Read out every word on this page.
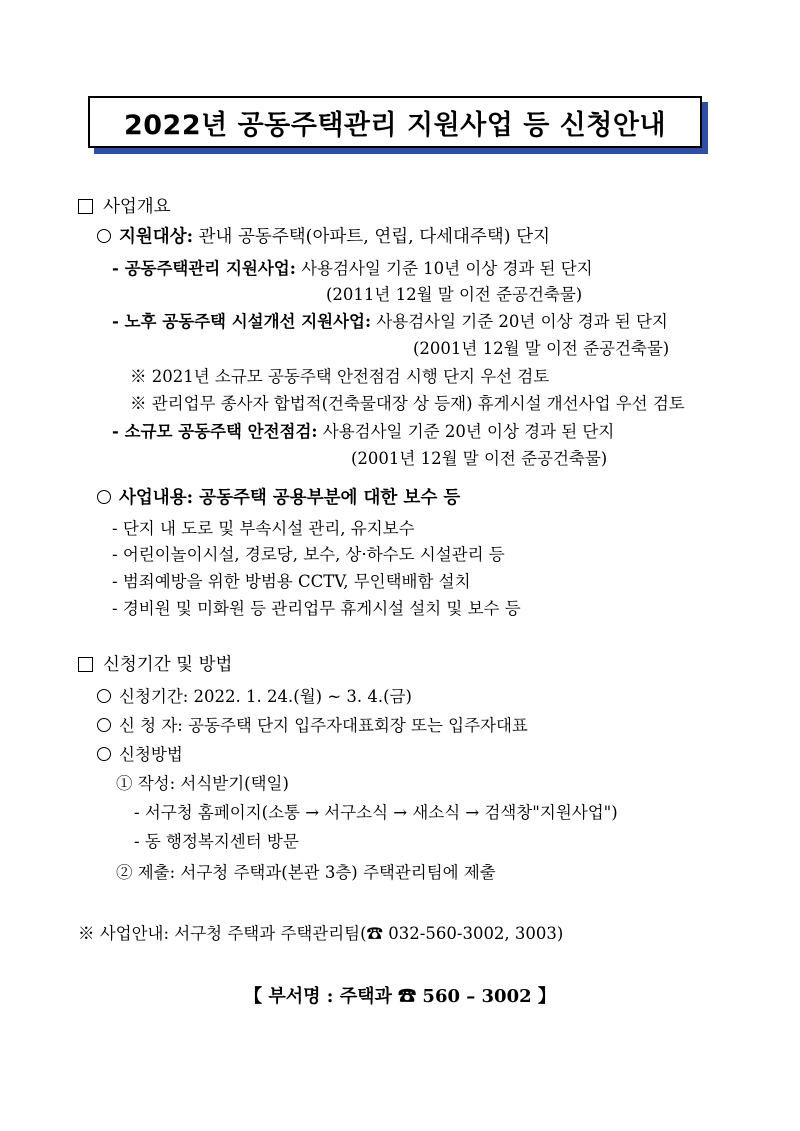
2022년 공동주택관리 지원사업 등 신청안내
사업개요
지원대상: 관내 공동주택(아파트, 연립, 다세대주택) 단지
- 공동주택관리 지원사업: 사용검사일 기준 10년 이상 경과 된 단지
(2011년 12월 말 이전 준공건축물)
- 노후 공동주택 시설개선 지원사업: 사용검사일 기준 20년 이상 경과 된 단지
(2001년 12월 말 이전 준공건축물)
※ 2021년 소규모 공동주택 안전점검 시행 단지 우선 검토
※ 관리업무 종사자 합법적(건축물대장 상 등재) 휴게시설 개선사업 우선 검토
- 소규모 공동주택 안전점검: 사용검사일 기준 20년 이상 경과 된 단지
(2001년 12월 말 이전 준공건축물)
사업내용: 공동주택 공용부분에 대한 보수 등
- 단지 내 도로 및 부속시설 관리, 유지보수
- 어린이놀이시설, 경로당, 보수, 상·하수도 시설관리 등
- 범죄예방을 위한 방범용 CCTV, 무인택배함 설치
- 경비원 및 미화원 등 관리업무 휴게시설 설치 및 보수 등
신청기간 및 방법
신청기간: 2022. 1. 24.(월) ~ 3. 4.(금)
신 청 자: 공동주택 단지 입주자대표회장 또는 입주자대표
신청방법
① 작성: 서식받기(택일)
- 서구청 홈페이지(소통 → 서구소식 → 새소식 → 검색창"지원사업")
- 동 행정복지센터 방문
② 제출: 서구청 주택과(본관 3층) 주택관리팀에 제출
※ 사업안내: 서구청 주택과 주택관리팀(☎ 032-560-3002, 3003)
【 부서명 : 주택과 ☎ 560 – 3002 】
